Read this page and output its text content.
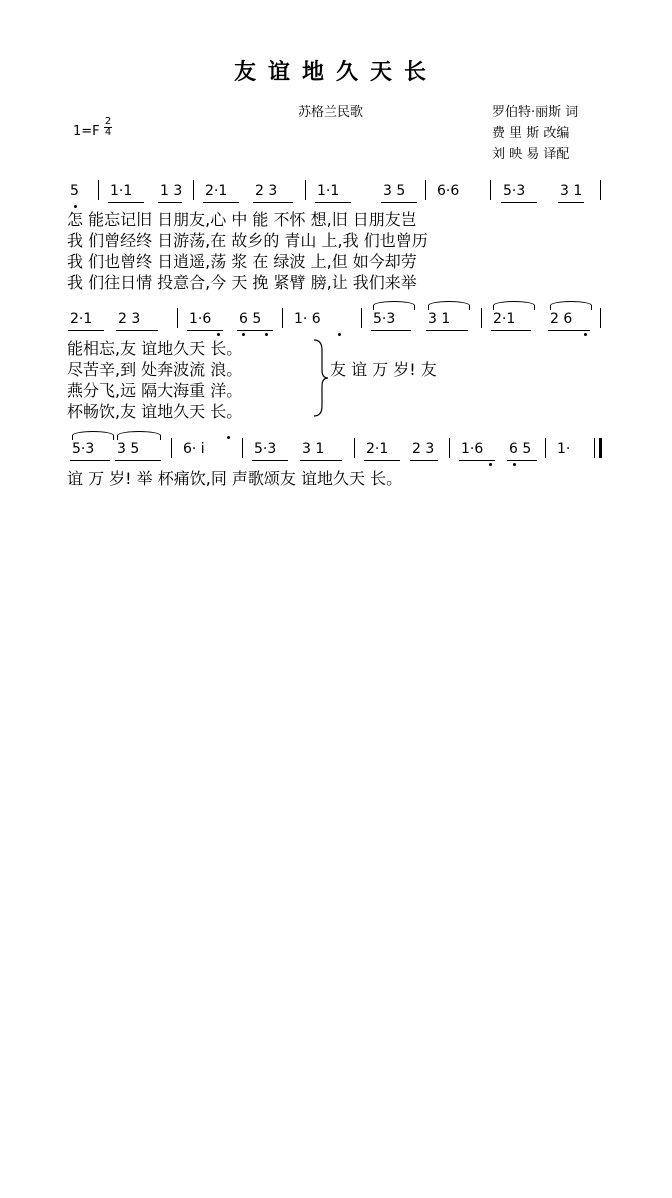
友谊地久天长
苏格兰民歌	罗伯特·丽斯 词
费 里 斯 改编
刘 映 易 译配
1=F
2
4
5 1·1 1 3 2·1 2 3	1·1	3 5 6·6	5·3 3 1
怎 能忘记旧 日朋友,心 中 能 不怀 想,旧 日朋友岂
我 们曾经终 日游荡,在 故乡的 青山 上,我 们也曾历
我 们也曾终 日逍遥,荡 浆 在 绿波 上,但 如今却劳
我 们往日情 投意合,今 天 挽 紧臂 膀,让 我们来举
2·1 2 3	1·6 6 5 1· 6	5·3 3 1	2·1 2 6
能相忘,友 谊地久天 长。
尽苦辛,到 处奔波流 浪。
燕分飞,远 隔大海重 洋。
杯畅饮,友 谊地久天 长。
友 谊 万 岁! 友
5·3 3 5	6· i	5·3 3 1	2·1 2 3 1·6 6 5 1·
谊 万 岁! 举 杯痛饮,同 声歌颂友 谊地久天 长。
